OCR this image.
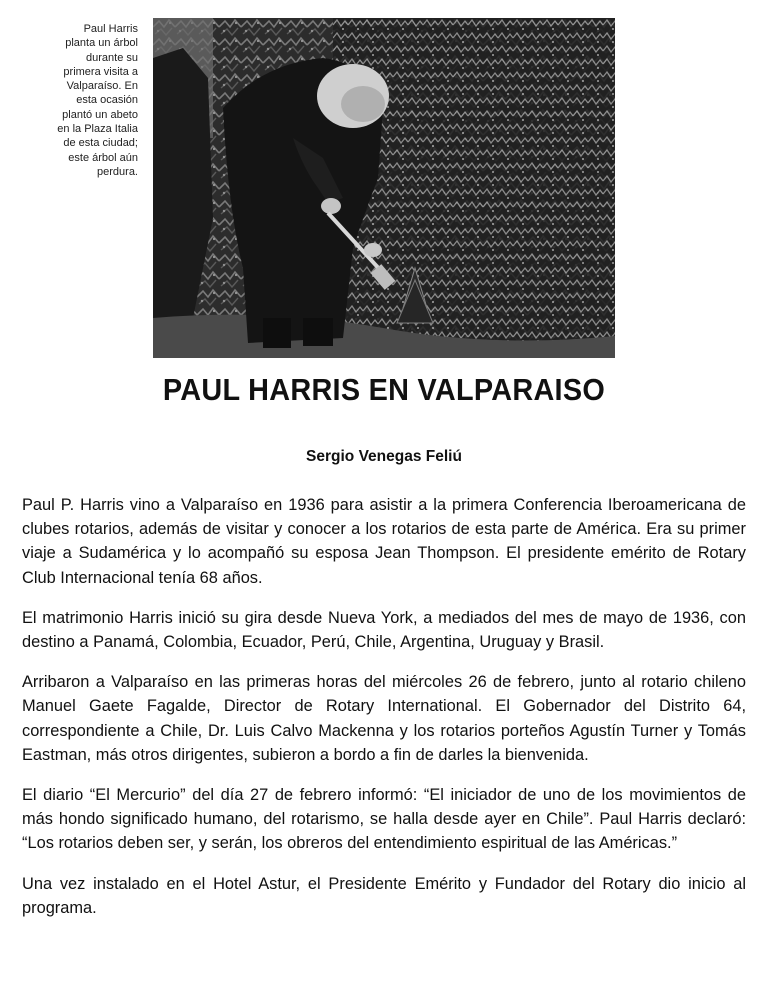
Paul Harris
planta un árbol
durante su
primera visita a
Valparaíso. En
esta ocasión
plantó un abeto
en la Plaza Italia
de esta ciudad;
este árbol aún
perdura.
PAUL HARRIS EN VALPARAISO
Sergio Venegas Feliú

Paul P. Harris vino a Valparaíso en 1936 para asistir a la primera Conferencia Iberoamericana de clubes rotarios, además de visitar y conocer a los rotarios de esta parte de América. Era su primer viaje a Sudamérica y lo acompañó su esposa Jean Thompson. El presidente emérito de Rotary Club Internacional tenía 68 años.

El matrimonio Harris inició su gira desde Nueva York, a mediados del mes de mayo de 1936, con destino a Panamá, Colombia, Ecuador, Perú, Chile, Argentina, Uruguay y Brasil.

Arribaron a Valparaíso en las primeras horas del miércoles 26 de febrero, junto al rotario chileno Manuel Gaete Fagalde, Director de Rotary International. El Gobernador del Distrito 64, correspondiente a Chile, Dr. Luis Calvo Mackenna y los rotarios porteños Agustín Turner y Tomás Eastman, más otros dirigentes, subieron a bordo a fin de darles la bienvenida.

El diario “El Mercurio” del día 27 de febrero informó: “El iniciador de uno de los movimientos de más hondo significado humano, del rotarismo, se halla desde ayer en Chile”. Paul Harris declaró: “Los rotarios deben ser, y serán, los obreros del entendimiento espiritual de las Américas.”

Una vez instalado en el Hotel Astur, el Presidente Emérito y Fundador del Rotary dio inicio al programa.
